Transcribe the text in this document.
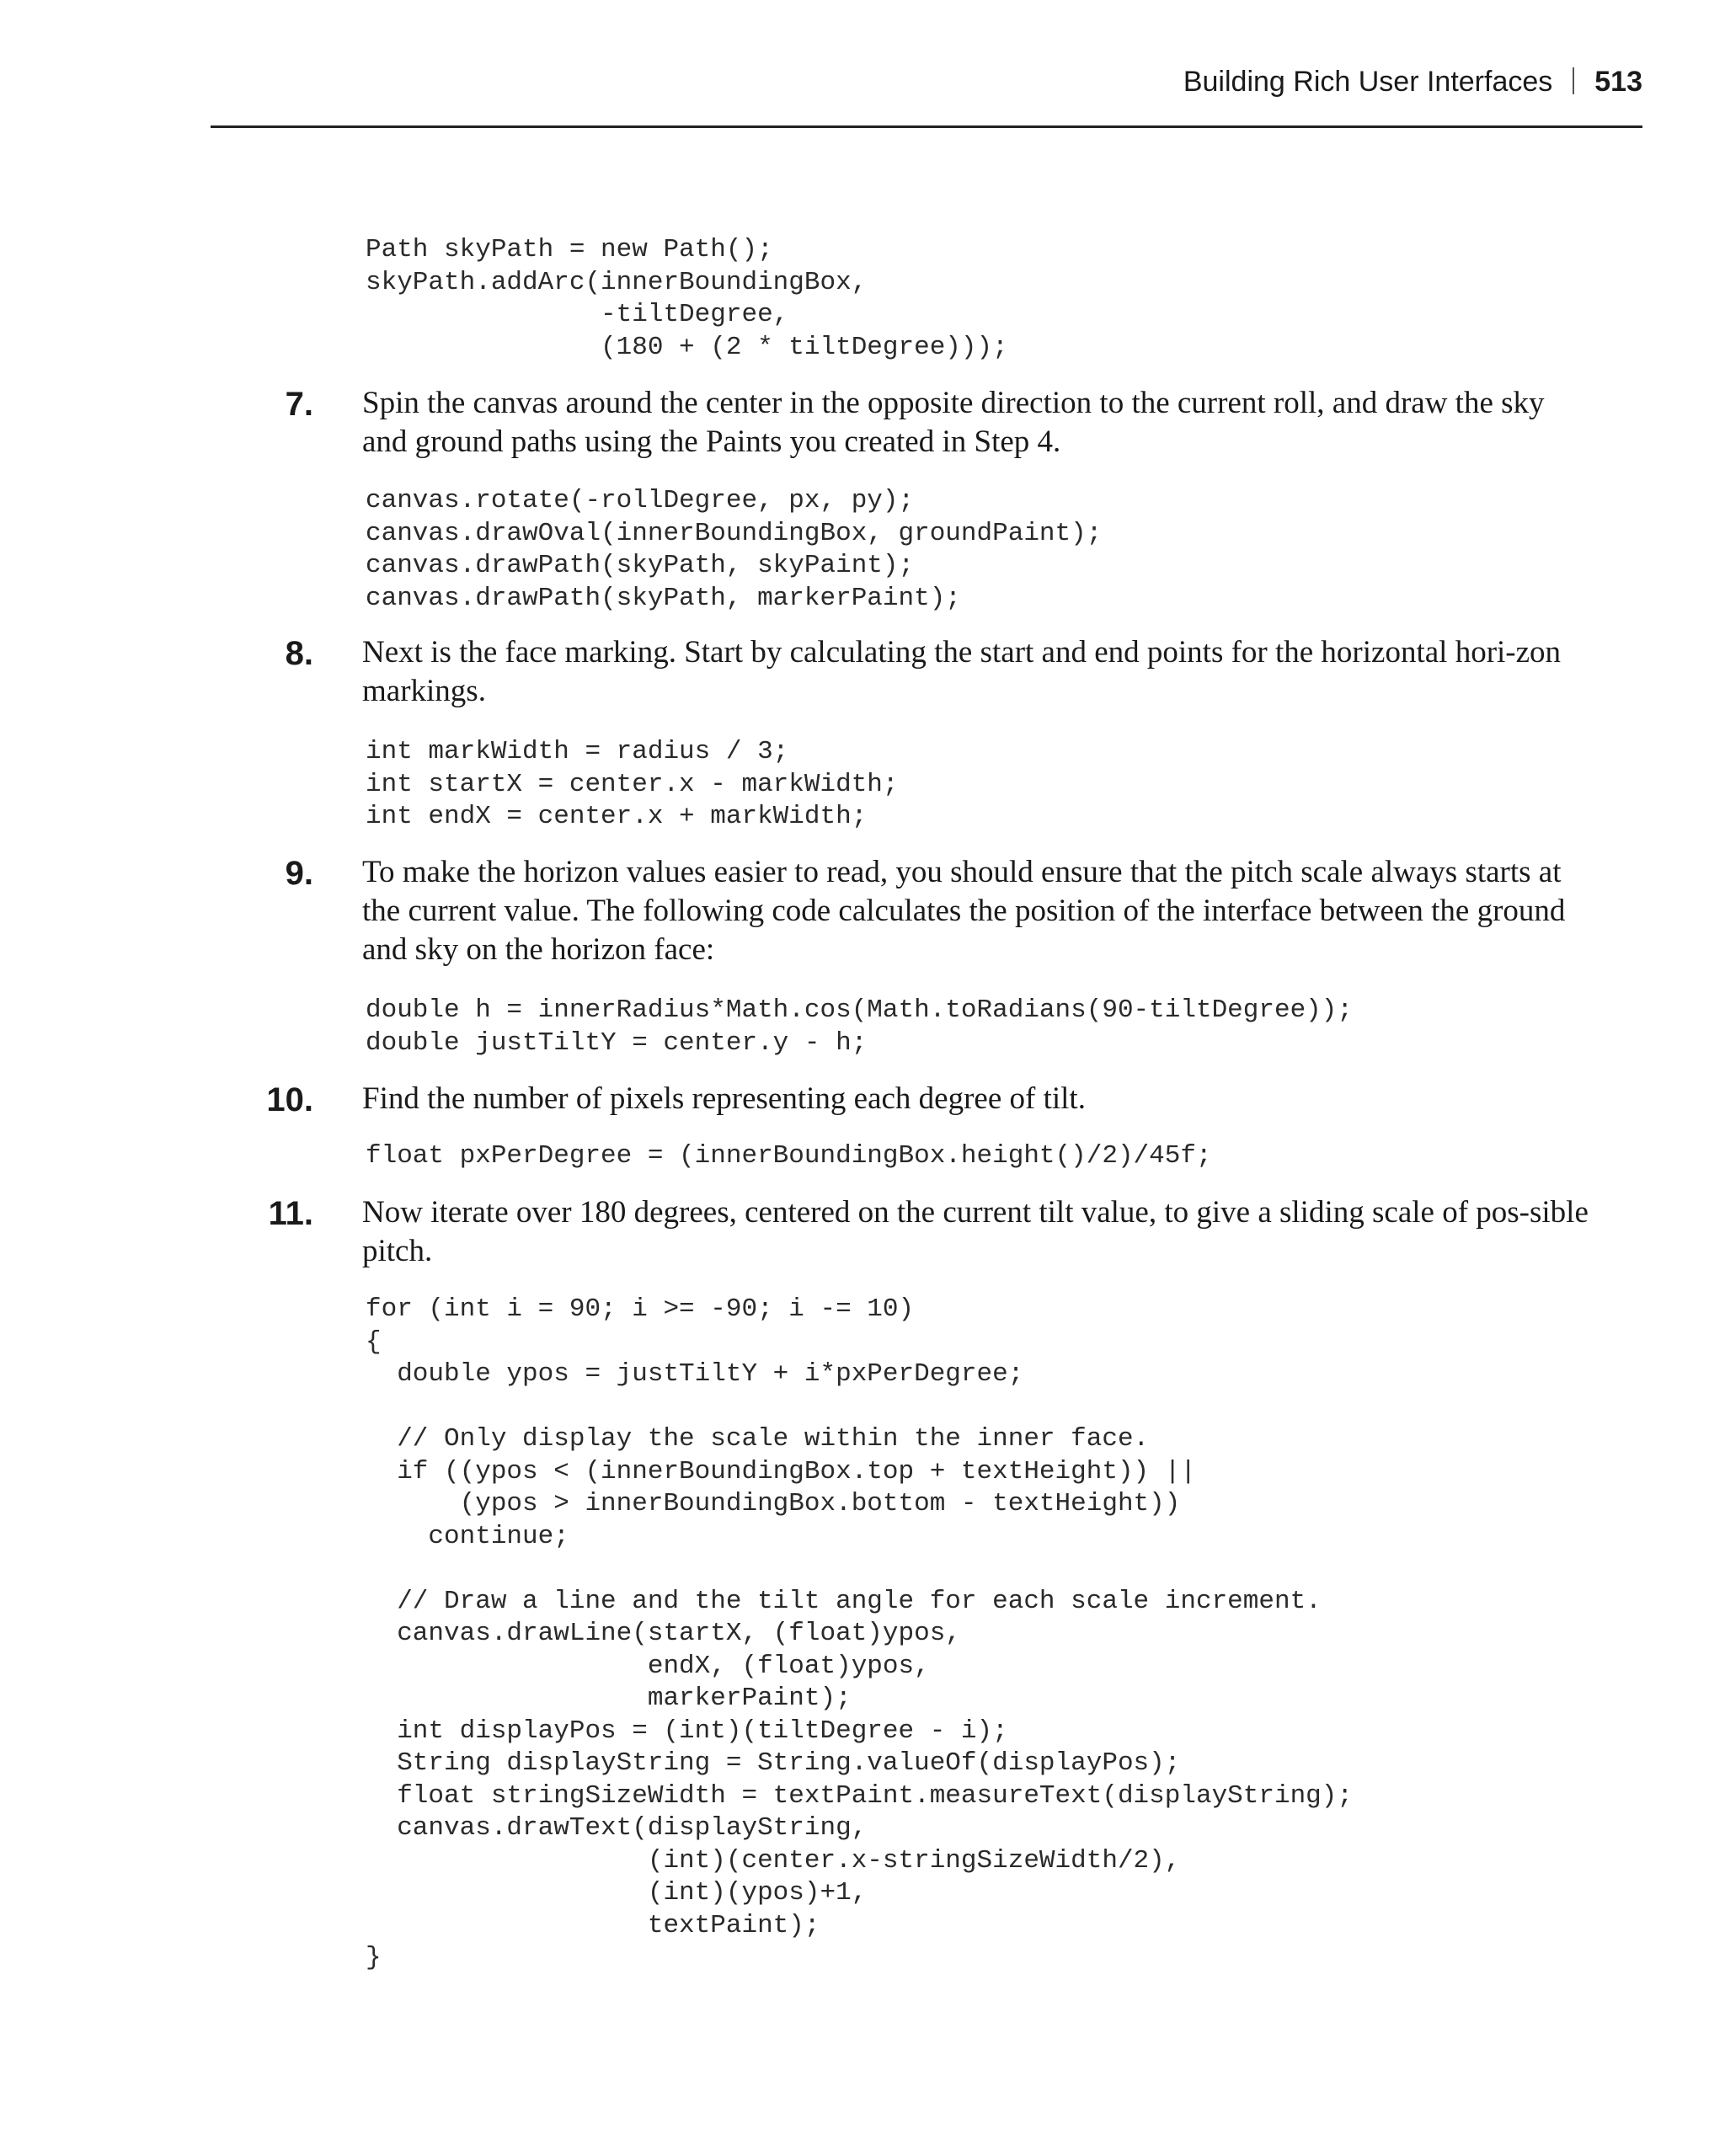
Building Rich User Interfaces 513
Path skyPath = new Path();
skyPath.addArc(innerBoundingBox,
-tiltDegree,
(180 + (2 * tiltDegree)));
7. Spin the canvas around the center in the opposite direction to the current roll, and draw the sky and ground paths using the Paints you created in Step 4.
canvas.rotate(-rollDegree, px, py);
canvas.drawOval(innerBoundingBox, groundPaint);
canvas.drawPath(skyPath, skyPaint);
canvas.drawPath(skyPath, markerPaint);
8. Next is the face marking. Start by calculating the start and end points for the horizontal hori-zon markings.
int markWidth = radius / 3;
int startX = center.x - markWidth;
int endX = center.x + markWidth;
9. To make the horizon values easier to read, you should ensure that the pitch scale always starts at the current value. The following code calculates the position of the interface between the ground and sky on the horizon face:
double h = innerRadius*Math.cos(Math.toRadians(90-tiltDegree));
double justTiltY = center.y - h;
10. Find the number of pixels representing each degree of tilt.
float pxPerDegree = (innerBoundingBox.height()/2)/45f;
11. Now iterate over 180 degrees, centered on the current tilt value, to give a sliding scale of pos-sible pitch.
for (int i = 90; i >= -90; i -= 10)
{
double ypos = justTiltY + i*pxPerDegree;

// Only display the scale within the inner face.
if ((ypos < (innerBoundingBox.top + textHeight)) ||
(ypos > innerBoundingBox.bottom - textHeight))
continue;

// Draw a line and the tilt angle for each scale increment.
canvas.drawLine(startX, (float)ypos,
endX, (float)ypos,
markerPaint);
int displayPos = (int)(tiltDegree - i);
String displayString = String.valueOf(displayPos);
float stringSizeWidth = textPaint.measureText(displayString);
canvas.drawText(displayString,
(int)(center.x-stringSizeWidth/2),
(int)(ypos)+1,
textPaint);
}
